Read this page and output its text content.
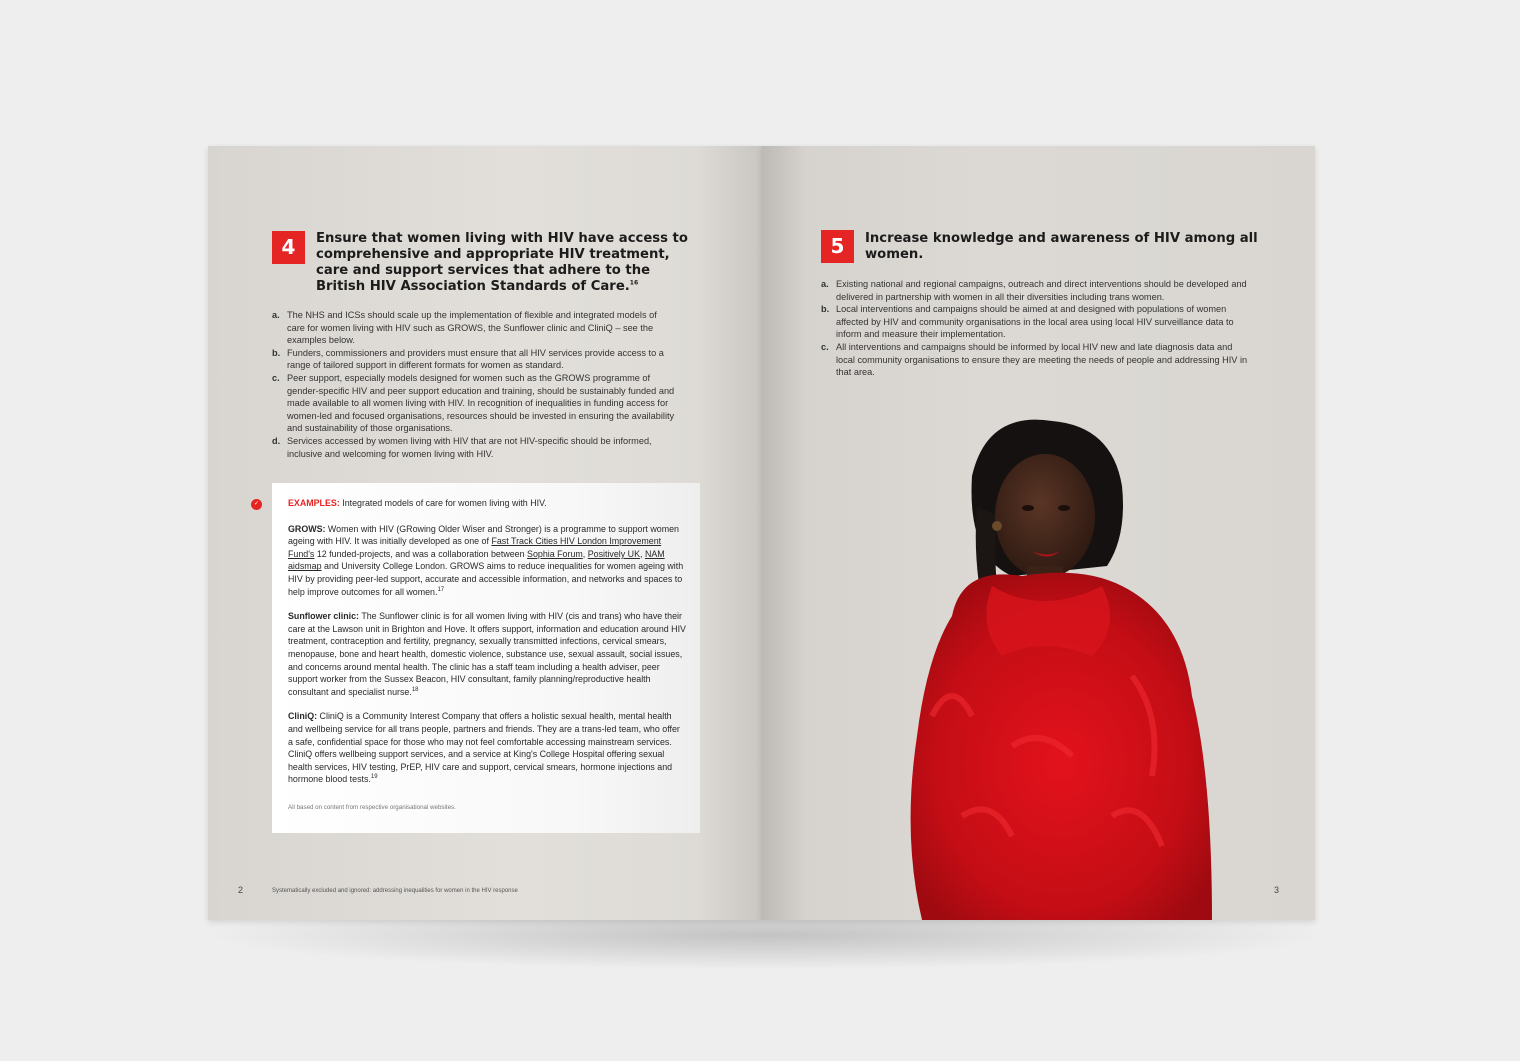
4	Ensure that women living with HIV have access to comprehensive and appropriate HIV treatment, care and support services that adhere to the British HIV Association Standards of Care.$^{16}$
a. The NHS and ICSs should scale up the implementation of flexible and integrated models of care for women living with HIV such as GROWS, the Sunflower clinic and CliniQ – see the examples below.
b. Funders, commissioners and providers must ensure that all HIV services provide access to a range of tailored support in different formats for women as standard.
c. Peer support, especially models designed for women such as the GROWS programme of gender-specific HIV and peer support education and training, should be sustainably funded and made available to all women living with HIV. In recognition of inequalities in funding access for women-led and focused organisations, resources should be invested in ensuring the availability and sustainability of those organisations.
d. Services accessed by women living with HIV that are not HIV-specific should be informed, inclusive and welcoming for women living with HIV.
✓	EXAMPLES: Integrated models of care for women living with HIV.
GROWS: Women with HIV (GRowing Older Wiser and Stronger) is a programme to support women ageing with HIV. It was initially developed as one of Fast Track Cities HIV London Improvement Fund's 12 funded-projects, and was a collaboration between Sophia Forum, Positively UK, NAM aidsmap and University College London. GROWS aims to reduce inequalities for women ageing with HIV by providing peer-led support, accurate and accessible information, and networks and spaces to help improve outcomes for all women.$^{17}$
Sunflower clinic: The Sunflower clinic is for all women living with HIV (cis and trans) who have their care at the Lawson unit in Brighton and Hove. It offers support, information and education around HIV treatment, contraception and fertility, pregnancy, sexually transmitted infections, cervical smears, menopause, bone and heart health, domestic violence, substance use, sexual assault, social issues, and concerns around mental health. The clinic has a staff team including a health adviser, peer support worker from the Sussex Beacon, HIV consultant, family planning/reproductive health consultant and specialist nurse.$^{18}$
CliniQ: CliniQ is a Community Interest Company that offers a holistic sexual health, mental health and wellbeing service for all trans people, partners and friends. They are a trans-led team, who offer a safe, confidential space for those who may not feel comfortable accessing mainstream services. CliniQ offers wellbeing support services, and a service at King's College Hospital offering sexual health services, HIV testing, PrEP, HIV care and support, cervical smears, hormone injections and hormone blood tests.$^{19}$
All based on content from respective organisational websites.
2	Systematically excluded and ignored: addressing inequalities for women in the HIV response
5	Increase knowledge and awareness of HIV among all women.
a. Existing national and regional campaigns, outreach and direct interventions should be developed and delivered in partnership with women in all their diversities including trans women.
b. Local interventions and campaigns should be aimed at and designed with populations of women affected by HIV and community organisations in the local area using local HIV surveillance data to inform and measure their implementation.
c. All interventions and campaigns should be informed by local HIV new and late diagnosis data and local community organisations to ensure they are meeting the needs of people and addressing HIV in that area.
3
